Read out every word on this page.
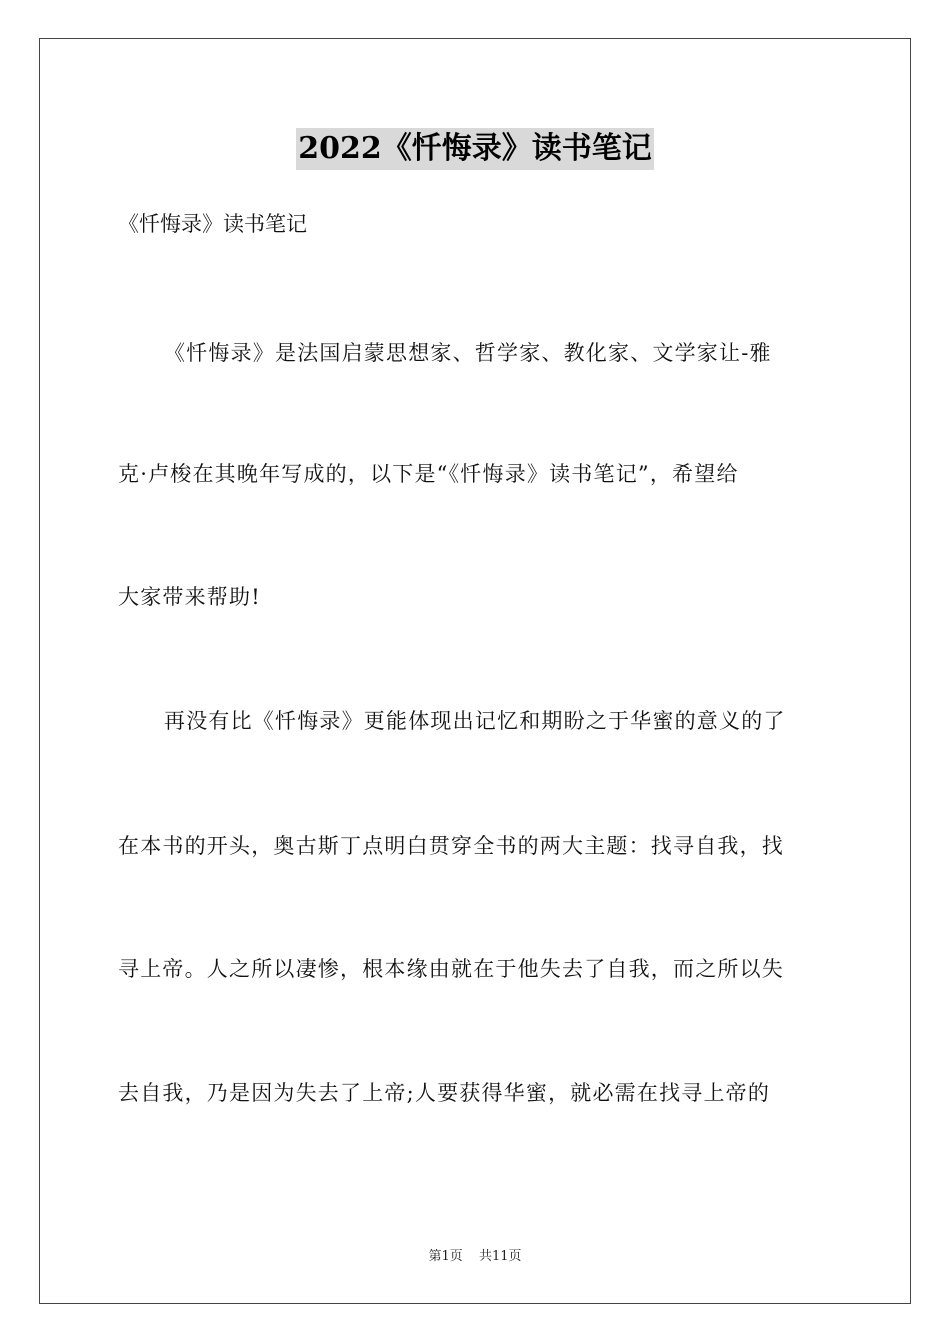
2022《忏悔录》读书笔记
《忏悔录》读书笔记
《忏悔录》是法国启蒙思想家、哲学家、教化家、文学家让-雅
克·卢梭在其晚年写成的，以下是“《忏悔录》读书笔记”，希望给
大家带来帮助!
再没有比《忏悔录》更能体现出记忆和期盼之于华蜜的意义的了
在本书的开头，奥古斯丁点明白贯穿全书的两大主题：找寻自我，找
寻上帝。人之所以凄惨，根本缘由就在于他失去了自我，而之所以失
去自我，乃是因为失去了上帝;人要获得华蜜，就必需在找寻上帝的
第1页 共11页
